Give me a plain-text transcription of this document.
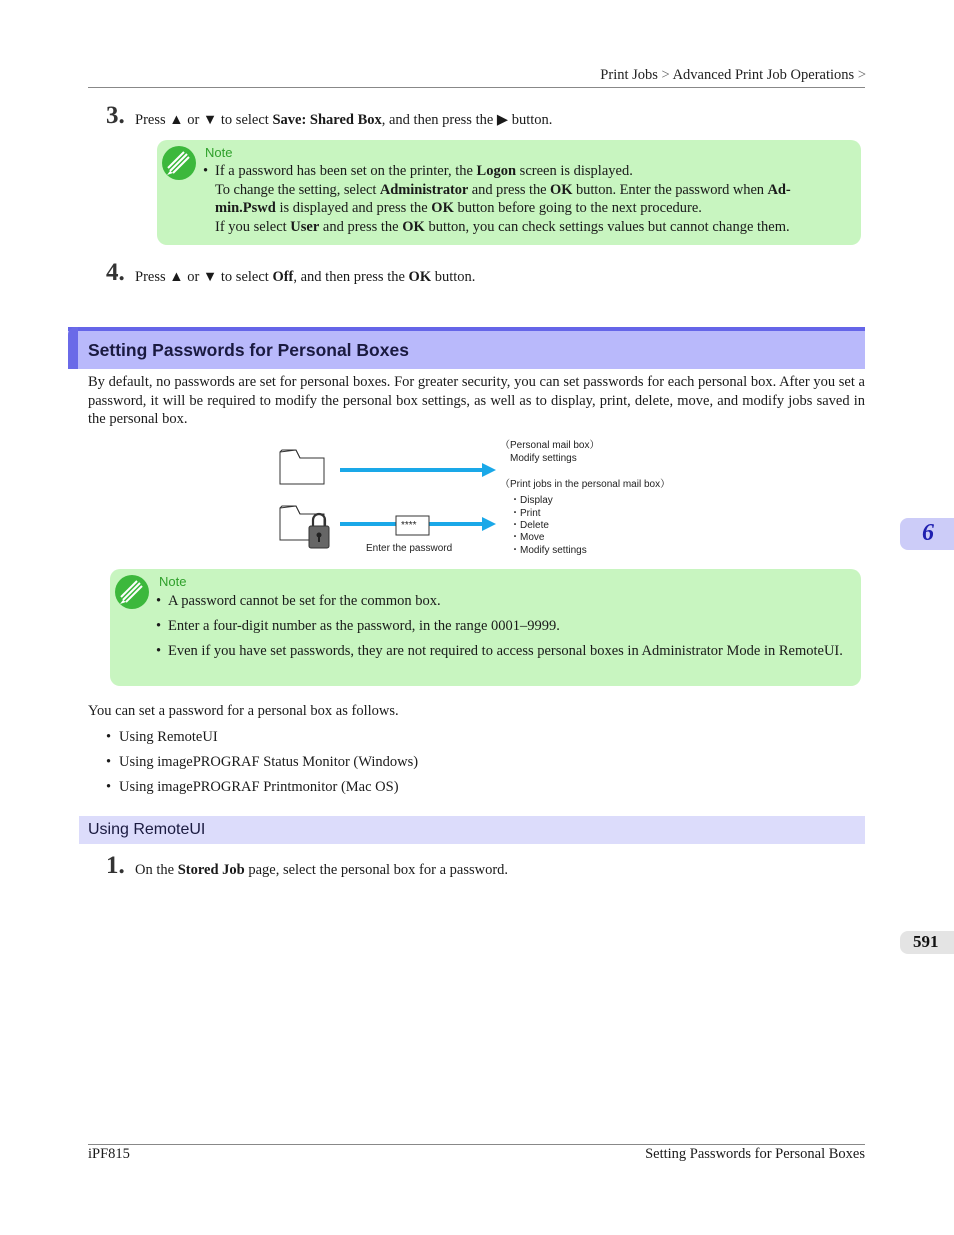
Print Jobs > Advanced Print Job Operations >
3. Press ▲ or ▼ to select Save: Shared Box, and then press the ▶ button.
Note
• If a password has been set on the printer, the Logon screen is displayed.
To change the setting, select Administrator and press the OK button. Enter the password when Ad-
min.Pswd is displayed and press the OK button before going to the next procedure.
If you select User and press the OK button, you can check settings values but cannot change them.
4. Press ▲ or ▼ to select Off, and then press the OK button.
Setting Passwords for Personal Boxes
By default, no passwords are set for personal boxes. For greater security, you can set passwords for each personal box. After you set a password, it will be required to modify the personal box settings, as well as to display, print, delete, move, and modify jobs saved in the personal box.
****
Enter the password
（Personal mail box）
Modify settings
（Print jobs in the personal mail box）
・Display
・Print
・Delete
・Move
・Modify settings
Note
• A password cannot be set for the common box.
• Enter a four-digit number as the password, in the range 0001–9999.
• Even if you have set passwords, they are not required to access personal boxes in Administrator Mode in RemoteUI.
You can set a password for a personal box as follows.
• Using RemoteUI
• Using imagePROGRAF Status Monitor (Windows)
• Using imagePROGRAF Printmonitor (Mac OS)
Using RemoteUI
1. On the Stored Job page, select the personal box for a password.
6
591
iPF815	Setting Passwords for Personal Boxes
